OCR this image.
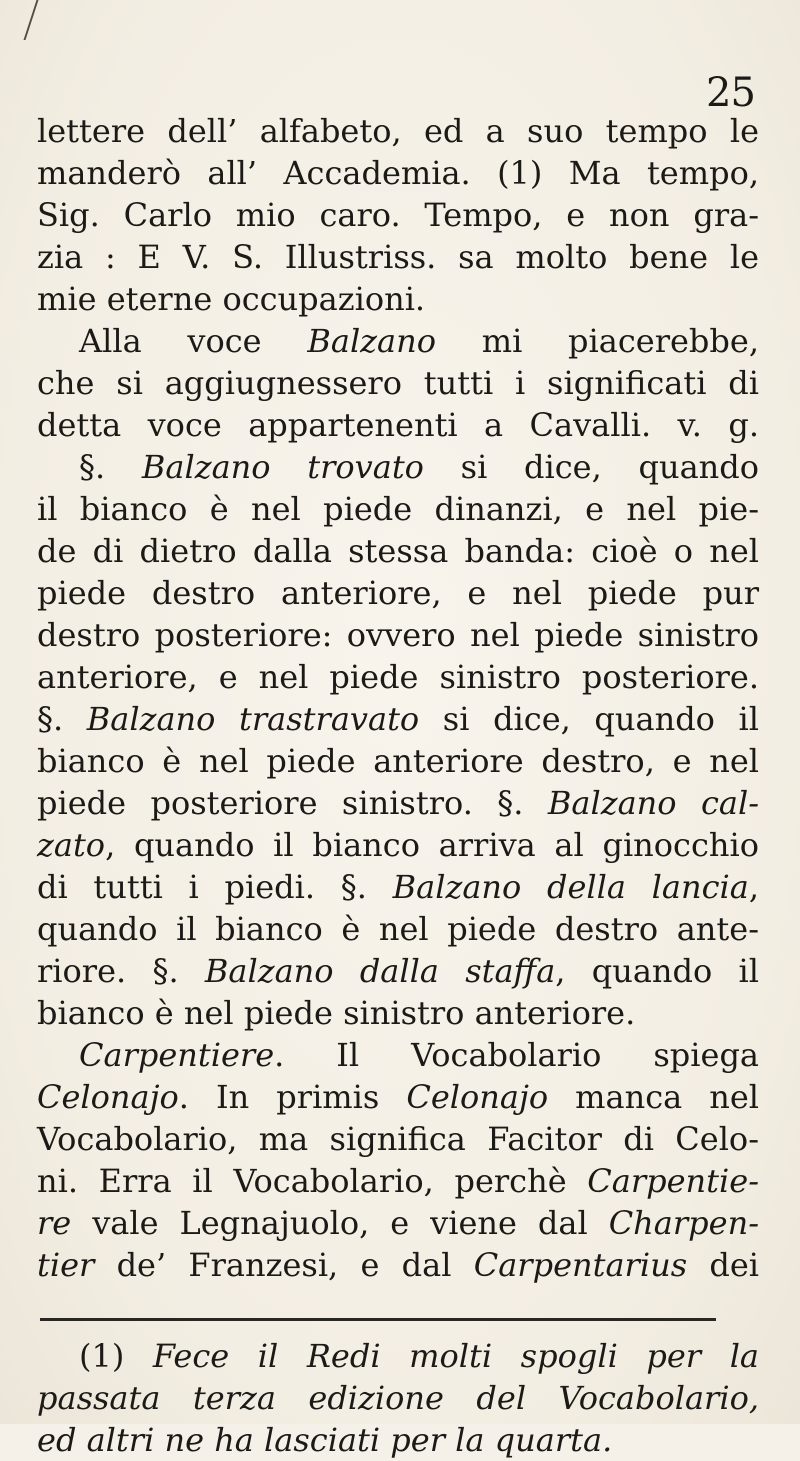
25
lettere dell’ alfabeto, ed a suo tempo le
manderò all’ Accademia. (1) Ma tempo,
Sig. Carlo mio caro. Tempo, e non gra-
zia : E V. S. Illustriss. sa molto bene le
mie eterne occupazioni.
Alla voce Balzano mi piacerebbe,
che si aggiugnessero tutti i significati di
detta voce appartenenti a Cavalli. v. g.
§. Balzano trovato si dice, quando
il bianco è nel piede dinanzi, e nel pie-
de di dietro dalla stessa banda: cioè o nel
piede destro anteriore, e nel piede pur
destro posteriore: ovvero nel piede sinistro
anteriore, e nel piede sinistro posteriore.
§. Balzano trastravato si dice, quando il
bianco è nel piede anteriore destro, e nel
piede posteriore sinistro. §. Balzano cal-
zato, quando il bianco arriva al ginocchio
di tutti i piedi. §. Balzano della lancia,
quando il bianco è nel piede destro ante-
riore. §. Balzano dalla staffa, quando il
bianco è nel piede sinistro anteriore.
Carpentiere. Il Vocabolario spiega
Celonajo. In primis Celonajo manca nel
Vocabolario, ma significa Facitor di Celo-
ni. Erra il Vocabolario, perchè Carpentie-
re vale Legnajuolo, e viene dal Charpen-
tier de’ Franzesi, e dal Carpentarius dei
(1) Fece il Redi molti spogli per la
passata terza edizione del Vocabolario,
ed altri ne ha lasciati per la quarta.
